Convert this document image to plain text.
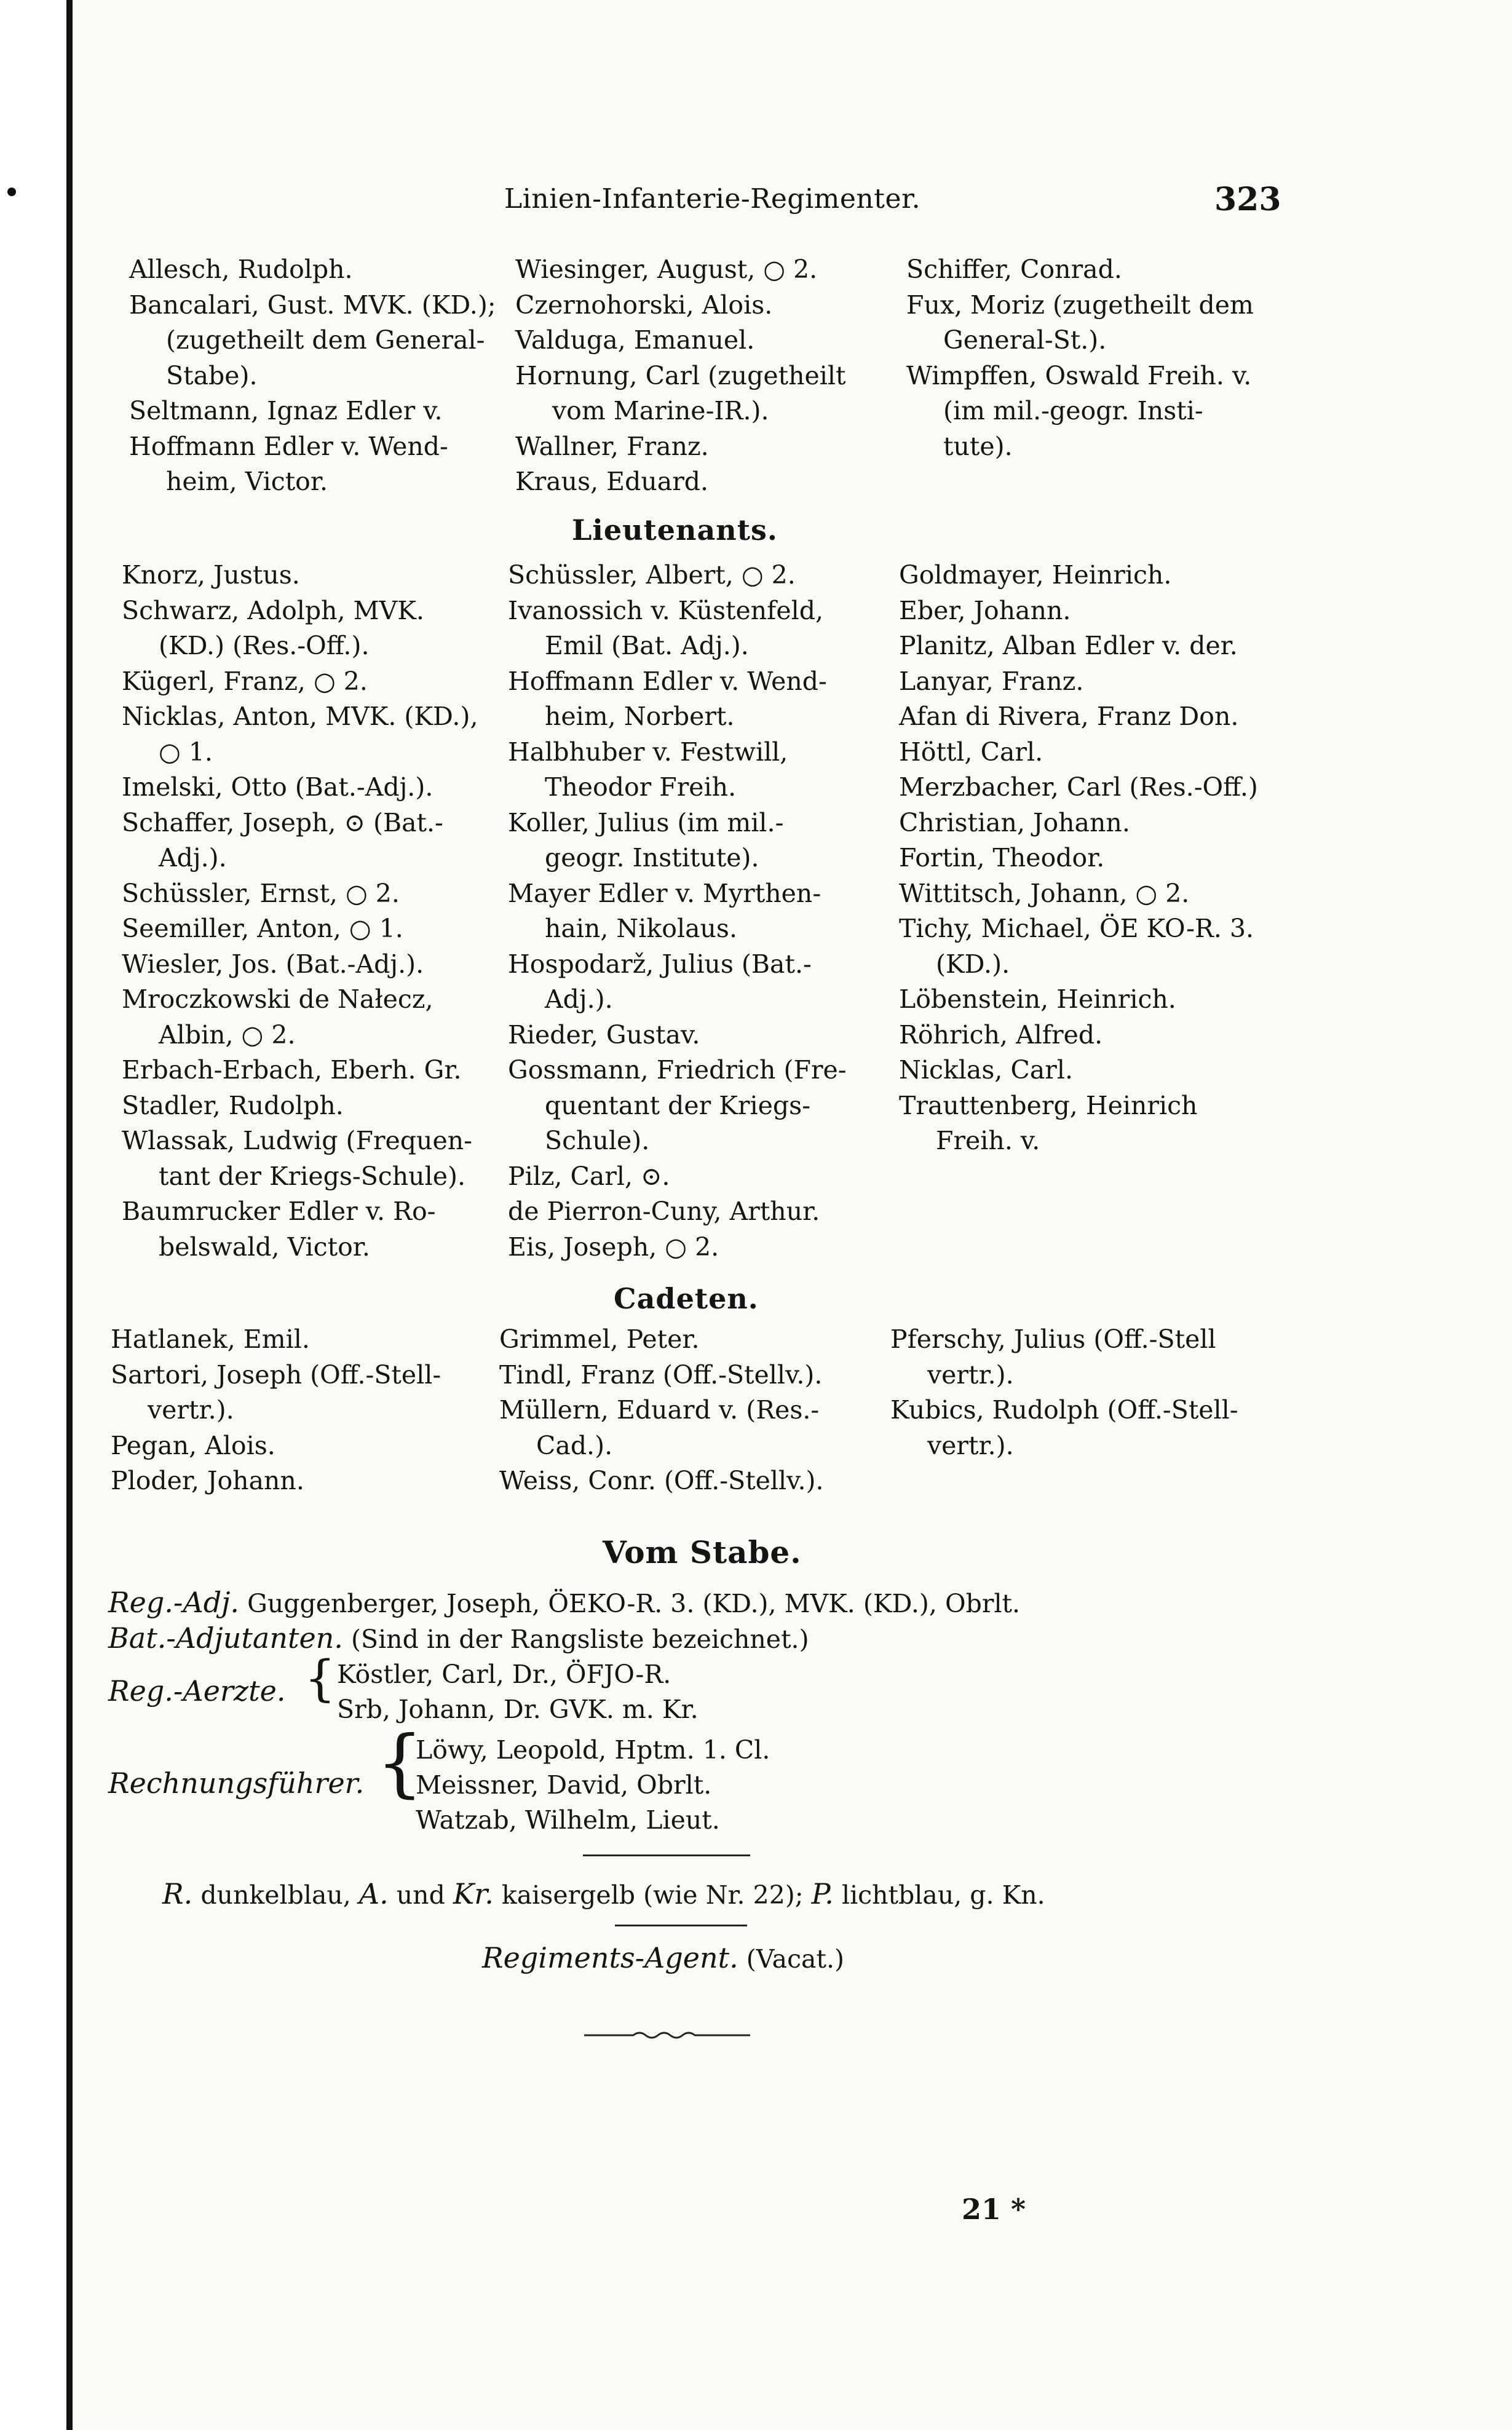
Linien-Infanterie-Regimenter.	323
Allesch, Rudolph.
Bancalari, Gust. MVK. (KD.);
(zugetheilt dem General-
Stabe).
Seltmann, Ignaz Edler v.
Hoffmann Edler v. Wend-
heim, Victor.
Wiesinger, August, ○ 2.
Czernohorski, Alois.
Valduga, Emanuel.
Hornung, Carl (zugetheilt
vom Marine-IR.).
Wallner, Franz.
Kraus, Eduard.
Schiffer, Conrad.
Fux, Moriz (zugetheilt dem
General-St.).
Wimpffen, Oswald Freih. v.
(im mil.-geogr. Insti-
tute).
Lieutenants.
Knorz, Justus.
Schwarz, Adolph, MVK.
(KD.) (Res.-Off.).
Kügerl, Franz, ○ 2.
Nicklas, Anton, MVK. (KD.),
○ 1.
Imelski, Otto (Bat.-Adj.).
Schaffer, Joseph, ⊙ (Bat.-
Adj.).
Schüssler, Ernst, ○ 2.
Seemiller, Anton, ○ 1.
Wiesler, Jos. (Bat.-Adj.).
Mroczkowski de Nałecz,
Albin, ○ 2.
Erbach-Erbach, Eberh. Gr.
Stadler, Rudolph.
Wlassak, Ludwig (Frequen-
tant der Kriegs-Schule).
Baumrucker Edler v. Ro-
belswald, Victor.
Schüssler, Albert, ○ 2.
Ivanossich v. Küstenfeld,
Emil (Bat. Adj.).
Hoffmann Edler v. Wend-
heim, Norbert.
Halbhuber v. Festwill,
Theodor Freih.
Koller, Julius (im mil.-
geogr. Institute).
Mayer Edler v. Myrthen-
hain, Nikolaus.
Hospodarž, Julius (Bat.-
Adj.).
Rieder, Gustav.
Gossmann, Friedrich (Fre-
quentant der Kriegs-
Schule).
Pilz, Carl, ⊙.
de Pierron-Cuny, Arthur.
Eis, Joseph, ○ 2.
Goldmayer, Heinrich.
Eber, Johann.
Planitz, Alban Edler v. der.
Lanyar, Franz.
Afan di Rivera, Franz Don.
Höttl, Carl.
Merzbacher, Carl (Res.-Off.)
Christian, Johann.
Fortin, Theodor.
Wittitsch, Johann, ○ 2.
Tichy, Michael, ÖE KO-R. 3.
(KD.).
Löbenstein, Heinrich.
Röhrich, Alfred.
Nicklas, Carl.
Trauttenberg, Heinrich
Freih. v.
Cadeten.
Hatlanek, Emil.
Sartori, Joseph (Off.-Stell-
vertr.).
Pegan, Alois.
Ploder, Johann.
Grimmel, Peter.
Tindl, Franz (Off.-Stellv.).
Müllern, Eduard v. (Res.-
Cad.).
Weiss, Conr. (Off.-Stellv.).
Pferschy, Julius (Off.-Stell
vertr.).
Kubics, Rudolph (Off.-Stell-
vertr.).
Vom Stabe.
Reg.-Adj. Guggenberger, Joseph, ÖEKO-R. 3. (KD.), MVK. (KD.), Obrlt.
Bat.-Adjutanten. (Sind in der Rangsliste bezeichnet.)
Reg.-Aerzte. { Köstler, Carl, Dr., ÖFJO-R.
Srb, Johann, Dr. GVK. m. Kr.
Rechnungsführer. {
Löwy, Leopold, Hptm. 1. Cl.
Meissner, David, Obrlt.
Watzab, Wilhelm, Lieut.
R. dunkelblau, A. und Kr. kaisergelb (wie Nr. 22); P. lichtblau, g. Kn.
Regiments-Agent. (Vacat.)
21 *
